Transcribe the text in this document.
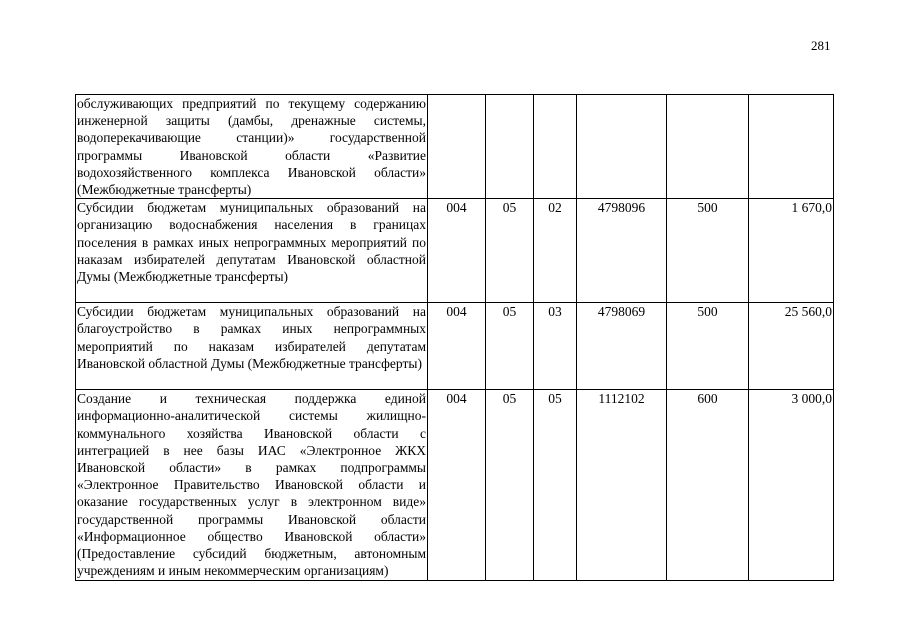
281
обслуживающих предприятий по текущему содержанию инженерной защиты (дамбы, дренажные системы, водоперекачивающие станции)» государственной программы Ивановской области «Развитие водохозяйственного комплекса Ивановской области» (Межбюджетные трансферты)						
Субсидии бюджетам муниципальных образований на организацию водоснабжения населения в границах поселения в рамках иных непрограммных мероприятий по наказам избирателей депутатам Ивановской областной Думы (Межбюджетные трансферты)	004	05	02	4798096	500	1 670,0
Субсидии бюджетам муниципальных образований на благоустройство в рамках иных непрограммных мероприятий по наказам избирателей депутатам Ивановской областной Думы (Межбюджетные трансферты)	004	05	03	4798069	500	25 560,0
Создание и техническая поддержка единой информационно-аналитической системы жилищно-коммунального хозяйства Ивановской области с интеграцией в нее базы ИАС «Электронное ЖКХ Ивановской области» в рамках подпрограммы «Электронное Правительство Ивановской области и оказание государственных услуг в электронном виде» государственной программы Ивановской области «Информационное общество Ивановской области» (Предоставление субсидий бюджетным, автономным учреждениям и иным некоммерческим организациям)	004	05	05	1112102	600	3 000,0
